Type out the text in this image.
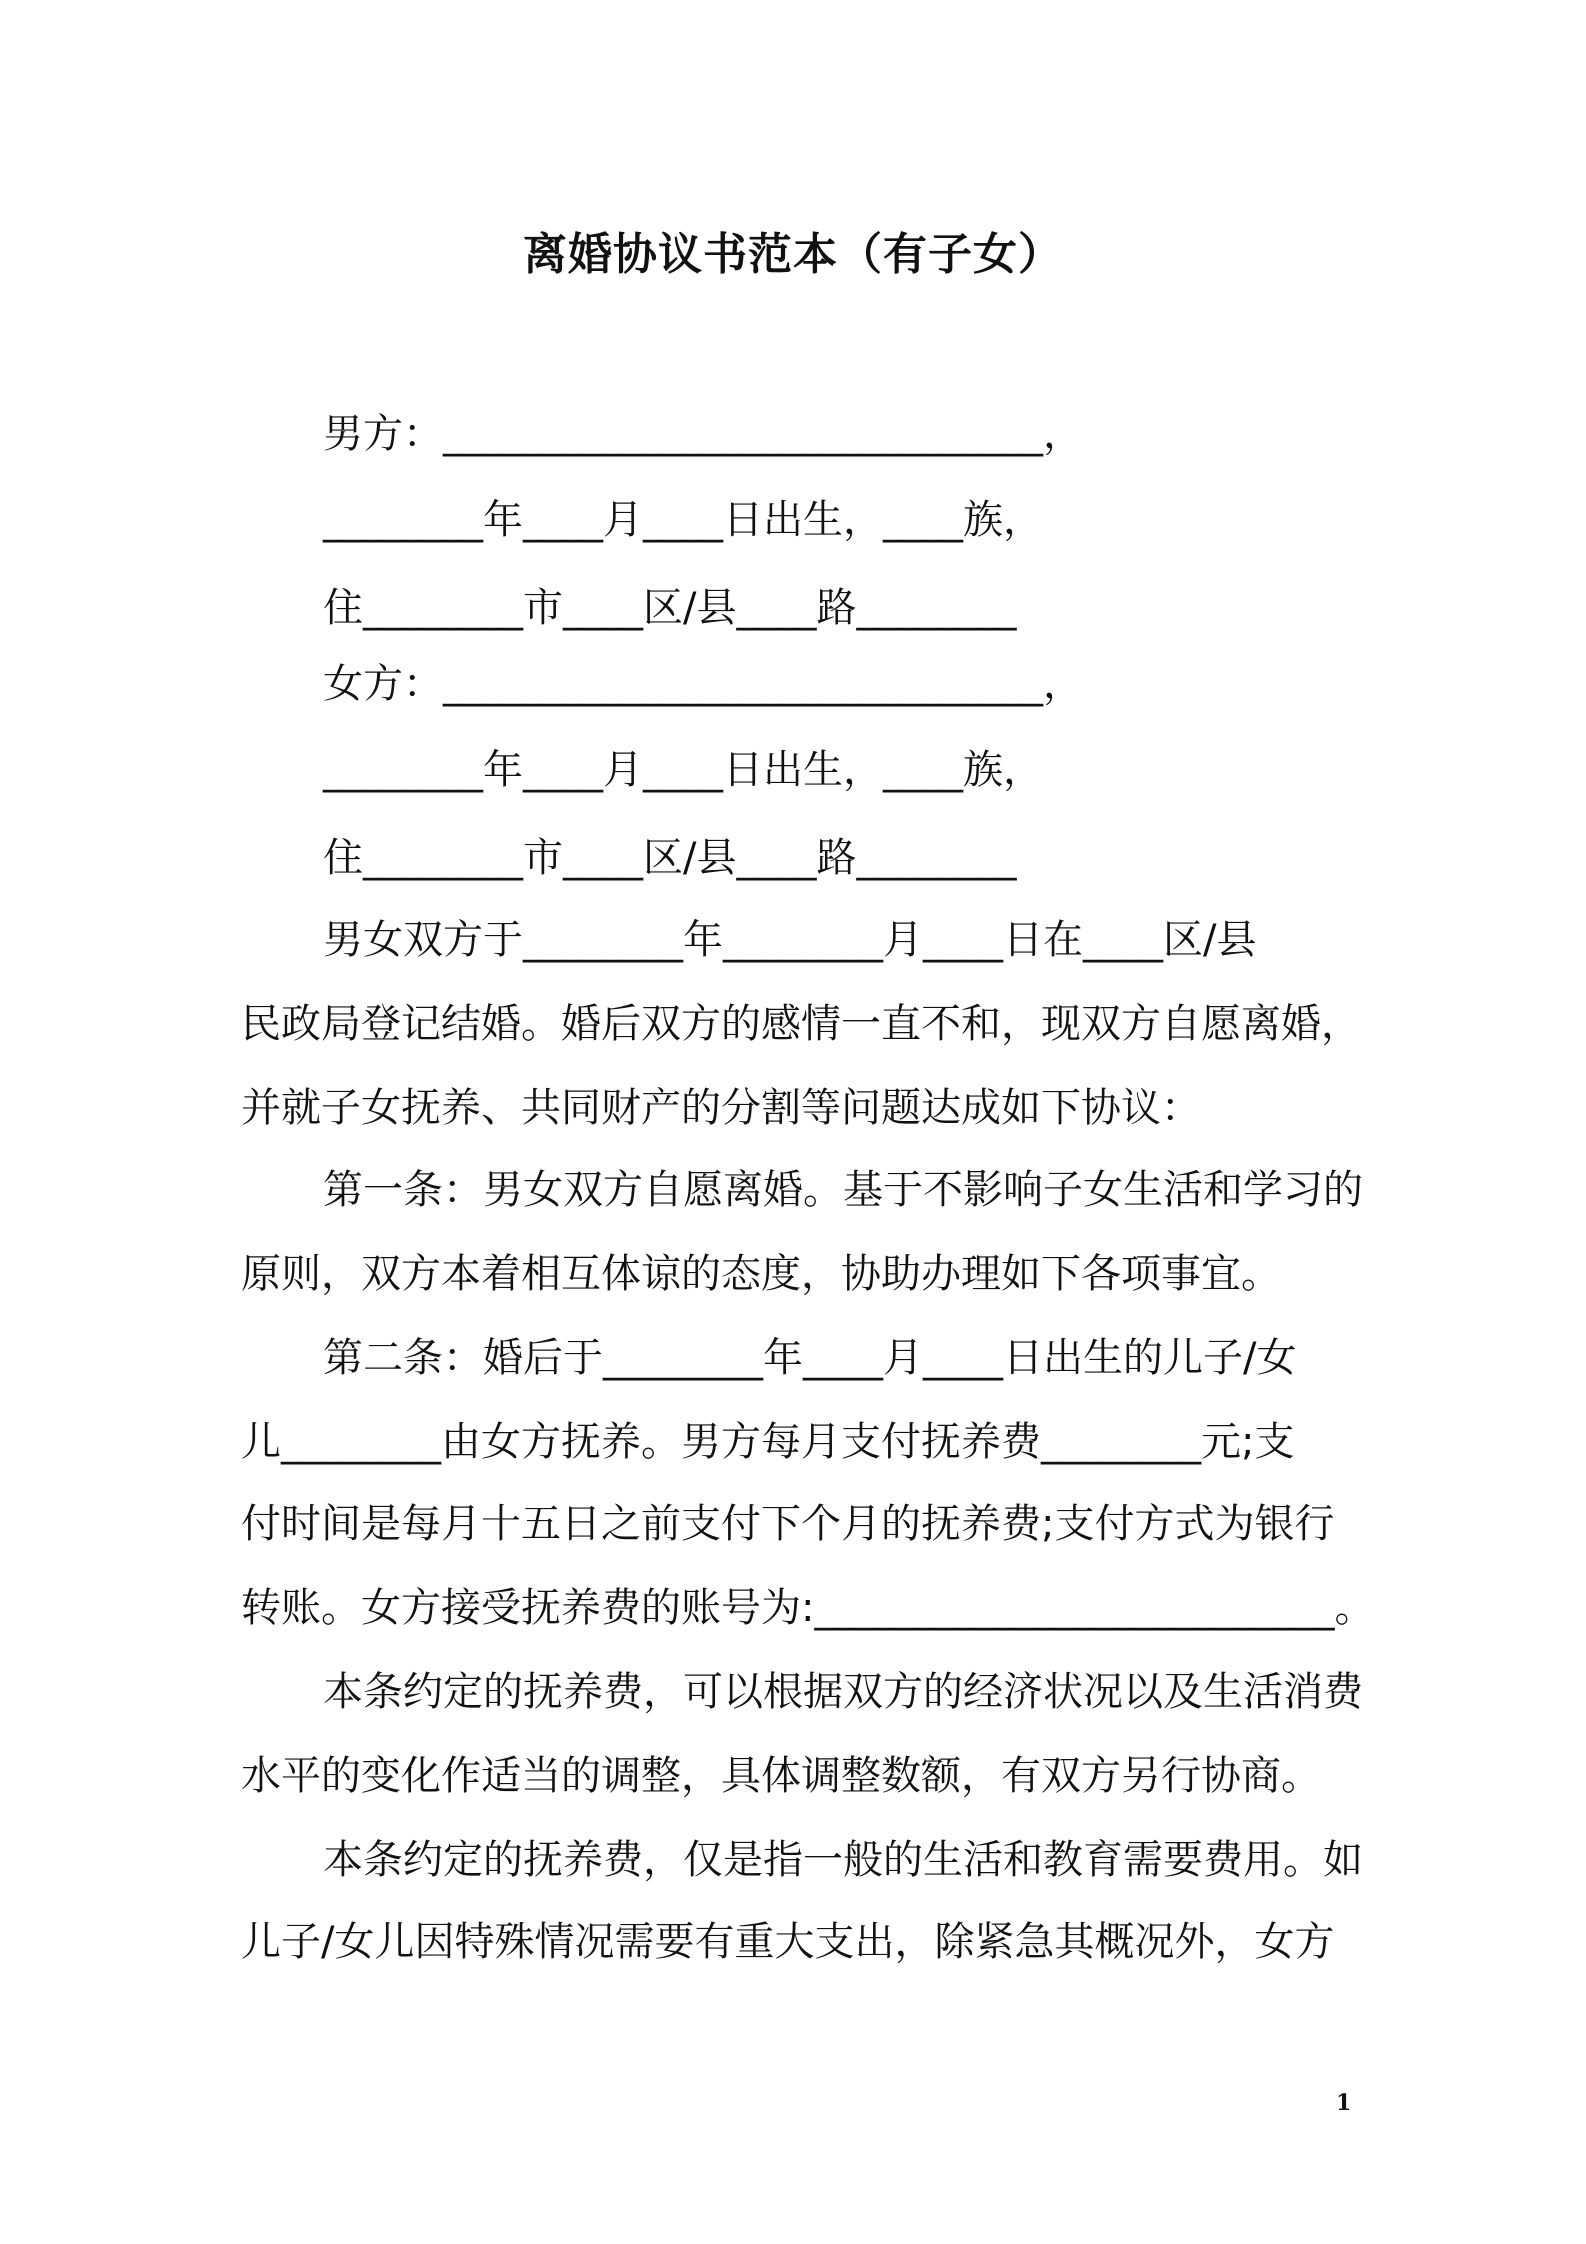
离婚协议书范本（有子女）
男方：______________________________，
________年____月____日出生，____族，
住________市____区/县____路________
女方：______________________________，
________年____月____日出生，____族，
住________市____区/县____路________
男女双方于________年________月____日在____区/县
民政局登记结婚。婚后双方的感情一直不和，现双方自愿离婚，
并就子女抚养、共同财产的分割等问题达成如下协议：
第一条：男女双方自愿离婚。基于不影响子女生活和学习的
原则，双方本着相互体谅的态度，协助办理如下各项事宜。
第二条：婚后于________年____月____日出生的儿子/女
儿________由女方抚养。男方每月支付抚养费________元;支
付时间是每月十五日之前支付下个月的抚养费;支付方式为银行
转账。女方接受抚养费的账号为:__________________________。
本条约定的抚养费，可以根据双方的经济状况以及生活消费
水平的变化作适当的调整，具体调整数额，有双方另行协商。
本条约定的抚养费，仅是指一般的生活和教育需要费用。如
儿子/女儿因特殊情况需要有重大支出，除紧急其概况外，女方
1
